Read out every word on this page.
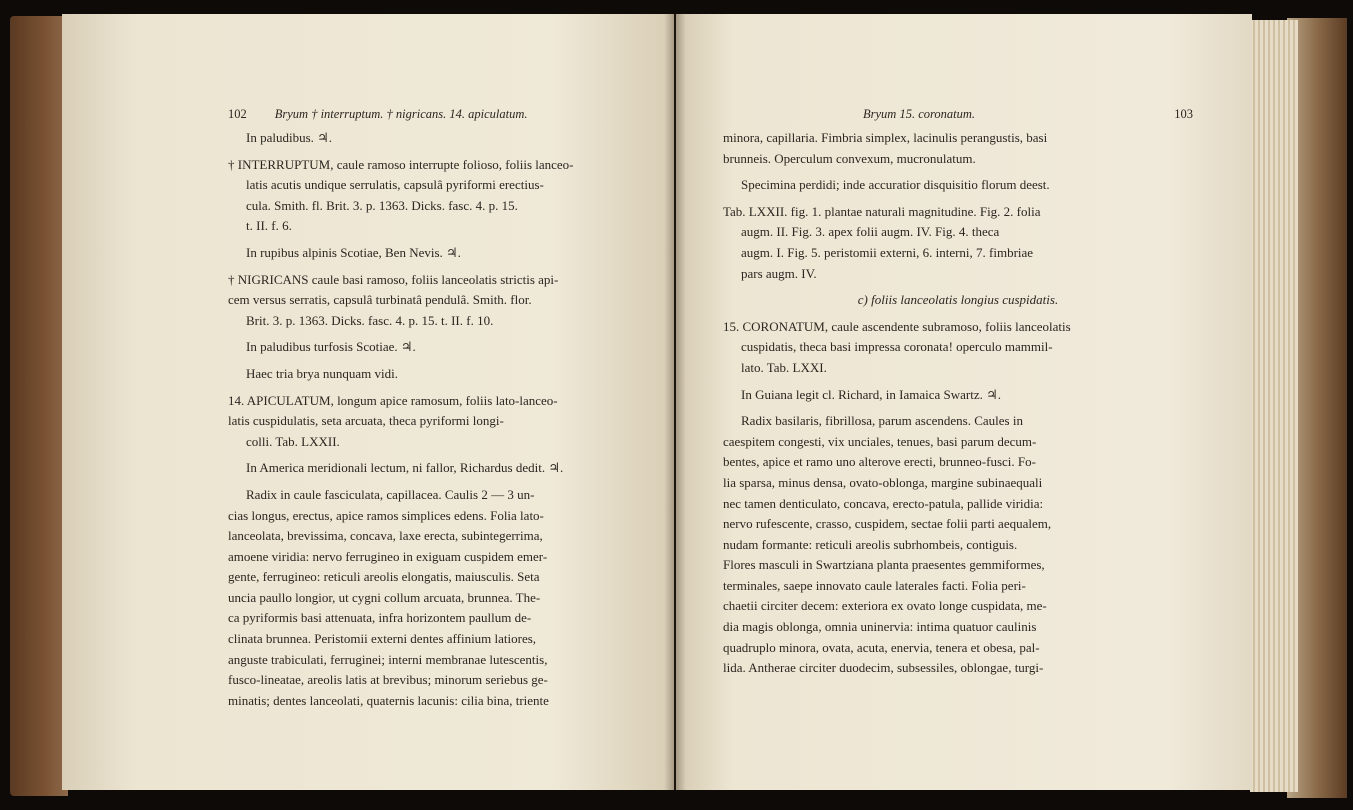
102 Bryum † interruptum. † nigricans. 14. apiculatum.
In paludibus. ♃.
† INTERRUPTUM, caule ramoso interrupte folioso, foliis lanceo-
latis acutis undique serrulatis, capsulâ pyriformi erectius-
cula. Smith. fl. Brit. 3. p. 1363. Dicks. fasc. 4. p. 15.
t. II. f. 6.
In rupibus alpinis Scotiae, Ben Nevis. ♃.
† NIGRICANS caule basi ramoso, foliis lanceolatis strictis api-
cem versus serratis, capsulâ turbinatâ pendulâ. Smith. flor.
Brit. 3. p. 1363. Dicks. fasc. 4. p. 15. t. II. f. 10.
In paludibus turfosis Scotiae. ♃.
Haec tria brya nunquam vidi.
14. APICULATUM, longum apice ramosum, foliis lato-lanceo-
latis cuspidulatis, seta arcuata, theca pyriformi longi-
colli. Tab. LXXII.
In America meridionali lectum, ni fallor, Richardus dedit. ♃.
Radix in caule fasciculata, capillacea. Caulis 2 — 3 un-
cias longus, erectus, apice ramos simplices edens. Folia lato-
lanceolata, brevissima, concava, laxe erecta, subintegerrima,
amoene viridia: nervo ferrugineo in exiguam cuspidem emer-
gente, ferrugineo: reticuli areolis elongatis, maiusculis. Seta
uncia paullo longior, ut cygni collum arcuata, brunnea. The-
ca pyriformis basi attenuata, infra horizontem paullum de-
clinata brunnea. Peristomii externi dentes affinium latiores,
anguste trabiculati, ferruginei; interni membranae lutescentis,
fusco-lineatae, areolis latis at brevibus; minorum seriebus ge-
minatis; dentes lanceolati, quaternis lacunis: cilia bina, triente
Bryum 15. coronatum.	103
minora, capillaria. Fimbria simplex, lacinulis perangustis, basi
brunneis. Operculum convexum, mucronulatum.
Specimina perdidi; inde accuratior disquisitio florum deest.
Tab. LXXII. fig. 1. plantae naturali magnitudine. Fig. 2. folia
augm. II. Fig. 3. apex folii augm. IV. Fig. 4. theca
augm. I. Fig. 5. peristomii externi, 6. interni, 7. fimbriae
pars augm. IV.
c) foliis lanceolatis longius cuspidatis.
15. CORONATUM, caule ascendente subramoso, foliis lanceolatis
cuspidatis, theca basi impressa coronata! operculo mammil-
lato. Tab. LXXI.
In Guiana legit cl. Richard, in Iamaica Swartz. ♃.
Radix basilaris, fibrillosa, parum ascendens. Caules in
caespitem congesti, vix unciales, tenues, basi parum decum-
bentes, apice et ramo uno alterove erecti, brunneo-fusci. Fo-
lia sparsa, minus densa, ovato-oblonga, margine subinaequali
nec tamen denticulato, concava, erecto-patula, pallide viridia:
nervo rufescente, crasso, cuspidem, sectae folii parti aequalem,
nudam formante: reticuli areolis subrhombeis, contiguis.
Flores masculi in Swartziana planta praesentes gemmiformes,
terminales, saepe innovato caule laterales facti. Folia peri-
chaetii circiter decem: exteriora ex ovato longe cuspidata, me-
dia magis oblonga, omnia uninervia: intima quatuor caulinis
quadruplo minora, ovata, acuta, enervia, tenera et obesa, pal-
lida. Antherae circiter duodecim, subsessiles, oblongae, turgi-
